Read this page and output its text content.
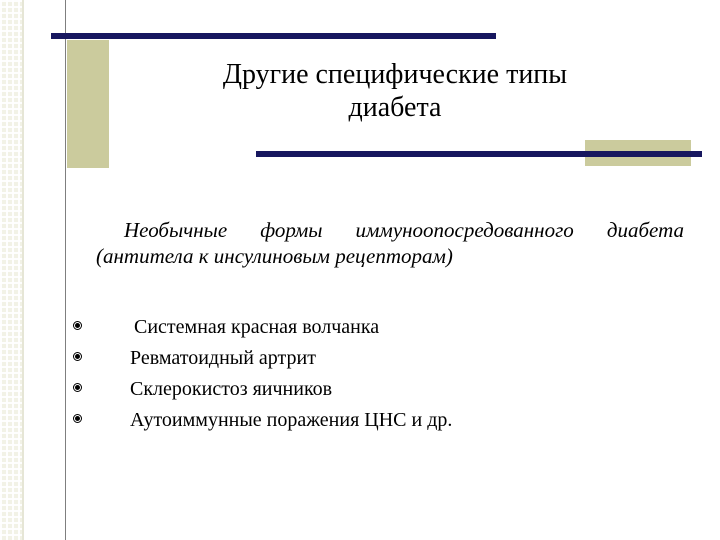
Другие специфические типы
диабета

Необычные формы иммуноопосредованного диабета (антитела к инсулиновым рецепторам)

Системная красная волчанка
Ревматоидный артрит
Склерокистоз яичников
Аутоиммунные поражения ЦНС и др.
